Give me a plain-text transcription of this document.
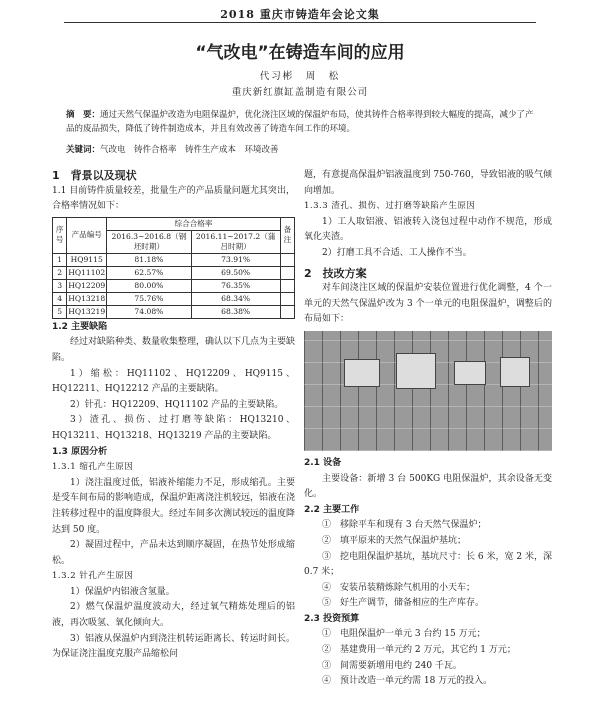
2018 重庆市铸造年会论文集
“气改电”在铸造车间的应用
代习彬　周　松
重庆新红旗缸盖制造有限公司
摘　要：通过天然气保温炉改造为电阻保温炉，优化浇注区域的保温炉布局，使其铸件合格率得到较大幅度的提高，减少了产品的废品损失，降低了铸件制造成本，并且有效改善了铸造车间工作的环境。
关键词：气改电　铸件合格率　铸件生产成本　环境改善

1　背景以及现状

1.1 目前铸件质量较差，批量生产的产品质量问题尤其突出，合格率情况如下：

序号	产品编号	综合合格率		备注
		2016.3~2016.8（钢坯时期）	2016.11~2017.2（蒲吕时期）	
1	HQ9115	81.18%	73.91%	
2	HQ11102	62.57%	69.50%	
3	HQ12209	80.00%	76.35%	
4	HQ13218	75.76%	68.34%	
5	HQ13219	74.08%	68.38%	

1.2 主要缺陷

经过对缺陷种类、数量收集整理，确认以下几点为主要缺陷。

1）缩松：HQ11102、HQ12209、HQ9115、HQ12211、HQ12212 产品的主要缺陷。

2）针孔：HQ12209、HQ11102 产品的主要缺陷。

3）渣孔、损伤、过打磨等缺陷：HQ13210、HQ13211、HQ13218、HQ13219 产品的主要缺陷。

1.3 原因分析

1.3.1 缩孔产生原因

1）浇注温度过低，铝液补缩能力不足，形成缩孔。主要是受车间布局的影响造成，保温炉距离浇注机较远，铝液在浇注转移过程中的温度降很大。经过车间多次测试较远的温度降达到 50 度。

2）凝固过程中，产品未达到顺序凝固，在热节处形成缩松。

1.3.2 针孔产生原因

1）保温炉内铝液含氢量。

2）燃气保温炉温度波动大，经过氧气精炼处理后的铝液，再次吸氢、氧化倾向大。

3）铝液从保温炉内到浇注机转运距离长、转运时间长。为保证浇注温度克服产品缩松问

题，有意提高保温炉铝液温度到 750-760，导致铝液的吸气倾向增加。

1.3.3 渣孔、损伤、过打磨等缺陷产生原因

1）工人取铝液、铝液转入浇包过程中动作不规范，形成氧化夹渣。

2）打磨工具不合适、工人操作不当。

2　技改方案

对车间浇注区域的保温炉安装位置进行优化调整，4 个一单元的天然气保温炉改为 3 个一单元的电阻保温炉，调整后的布局如下：

2.1 设备

主要设备：新增 3 台 500KG 电阻保温炉，其余设备无变化。

2.2 主要工作

①　移除平车和现有 3 台天然气保温炉；

②　填平原来的天然气保温炉基坑；

③　挖电阻保温炉基坑，基坑尺寸：长 6 米，宽 2 米，深 0.7 米；

④　安装吊装精炼除气机用的小天车；

⑤　好生产调节，储备相应的生产库存。

2.3 投资预算

①　电阻保温炉一单元 3 台约 15 万元；

②　基建费用一单元约 2 万元，其它约 1 万元；

③　间需要新增用电约 240 千瓦。

④　预计改造一单元约需 18 万元的投入。
